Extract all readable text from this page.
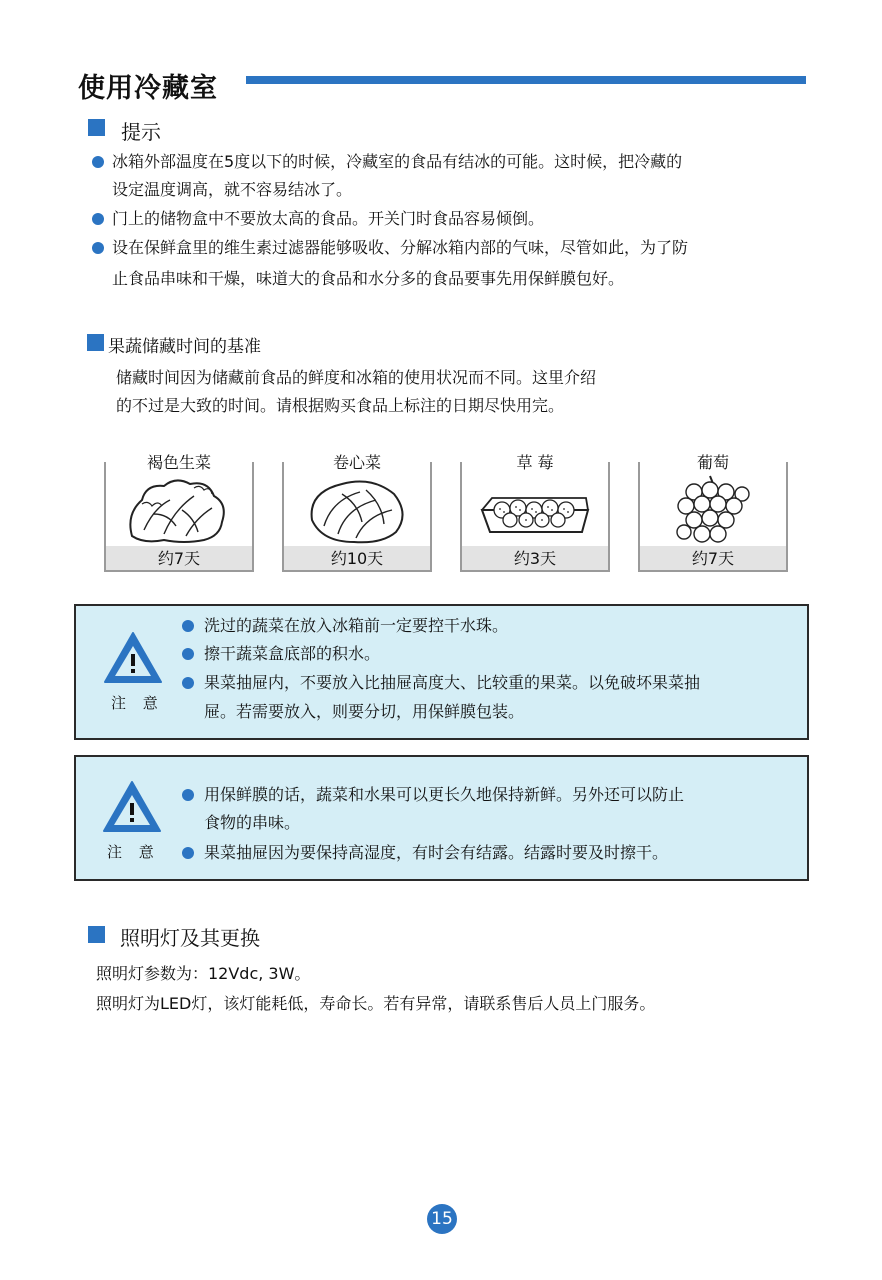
使用冷藏室
提示
冰箱外部温度在5度以下的时候，冷藏室的食品有结冰的可能。这时候，把冷藏的
设定温度调高，就不容易结冰了。
门上的储物盒中不要放太高的食品。开关门时食品容易倾倒。
设在保鲜盒里的维生素过滤器能够吸收、分解冰箱内部的气味，尽管如此，为了防
止食品串味和干燥，味道大的食品和水分多的食品要事先用保鲜膜包好。
果蔬储藏时间的基准
储藏时间因为储藏前食品的鲜度和冰箱的使用状况而不同。这里介绍
的不过是大致的时间。请根据购买食品上标注的日期尽快用完。
褐色生菜
约7天
卷心菜
约10天
草 莓
约3天
葡萄
约7天
注 意
洗过的蔬菜在放入冰箱前一定要控干水珠。
擦干蔬菜盒底部的积水。
果菜抽屉内，不要放入比抽屉高度大、比较重的果菜。以免破坏果菜抽
屉。若需要放入，则要分切，用保鲜膜包装。
注 意
用保鲜膜的话，蔬菜和水果可以更长久地保持新鲜。另外还可以防止
食物的串味。
果菜抽屉因为要保持高湿度，有时会有结露。结露时要及时擦干。
照明灯及其更换
照明灯参数为：12Vdc, 3W。
照明灯为LED灯，该灯能耗低，寿命长。若有异常，请联系售后人员上门服务。
15
